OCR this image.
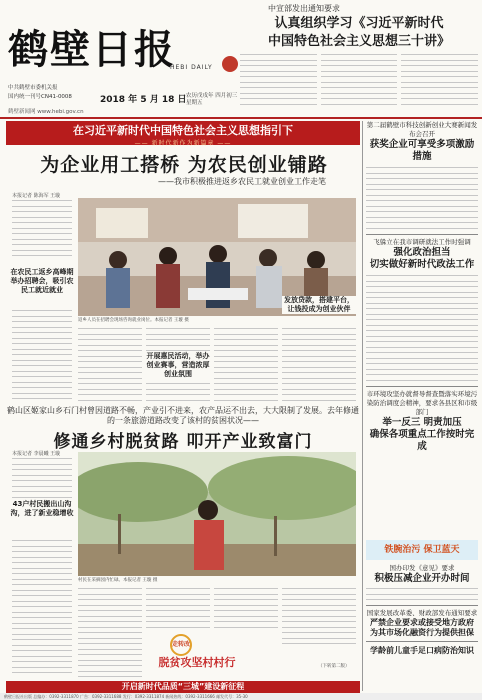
鹤壁日报
HEBI DAILY
中共鹤壁市委机关报
国内统一刊号CN41-0008	2018 年 5 月 18 日 农历戊戌年 四月初三
星期五
鹤壁新闻网 www.hebi.gov.cn
中宣部发出通知要求
认真组织学习《习近平新时代
中国特色社会主义思想三十讲》
在习近平新时代中国特色社会主义思想指引下
—— 新时代新作为新篇章 ——
为企业用工搭桥 为农民创业铺路
——我市积极推进返乡农民工就业创业工作走笔
本报记者 陈海军 王璇
在农民工返乡高峰期举办招聘会，吸引农民工就近就业
返乡人员在招聘会现场咨询就业岗位。本报记者 王璇 摄
开展惠民活动，举办创业赛事，营造浓厚创业氛围
发放贷款，搭建平台，让钱投成为创业伙伴
鹤山区姬家山乡石门村曾因道路不畅，产业引不进来，农产品运不出去，大大限制了发展。去年修通的一条旅游道路改变了该村的贫困状况——
修通乡村脱贫路 叩开产业致富门
本报记者 李晨曦 王璇
43户村民搬出山沟沟，进了新业稳增收
村民在采摘园内忙碌。本报记者 王璇 摄
（下转第二版）
走转改
脱贫攻坚村村行
开启新时代品质“三城”建设新征程
第二届鹤壁市科技创新创业大赛新闻发布会召开
获奖企业可享受多项激励措施
飞躲立在我市调研就法工作时强调
强化政治担当
切实做好新时代政法工作
市环境攻坚办就督导督查暨落实环境污染防治调度会精神，要求各县区和市级部门
举一反三 明责加压
确保各项重点工作按时完成
铁腕治污 保卫蓝天
国办印发《意见》要求
积极压减企业开办时间
国家发展改革委、财政部发布通知要求
严禁企业要求或接受地方政府
为其市场化融资行为提供担保
学龄前儿童手足口病防治知识
鹤壁日报社出版 总编办：0392-3311870 广告：0392-3311688 发行：0392-3311874 新闻热线：0392-3311666 邮发代号：35-30
